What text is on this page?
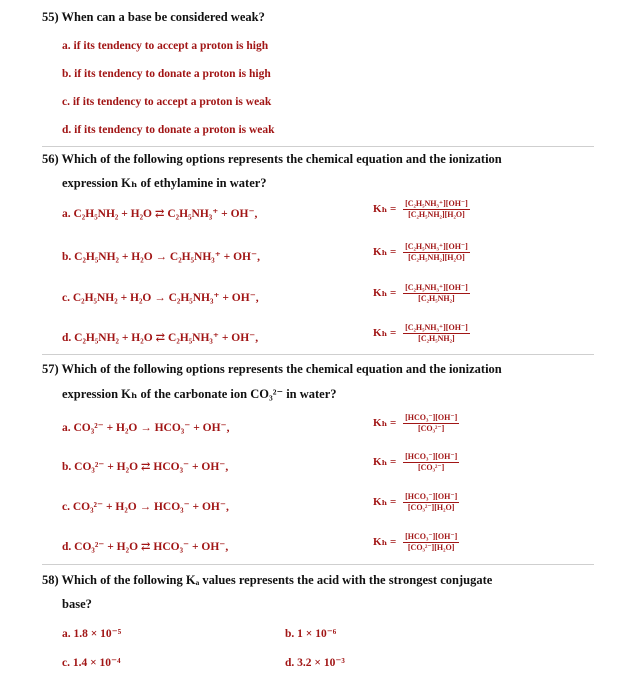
55) When can a base be considered weak?
a. if its tendency to accept a proton is high
b. if its tendency to donate a proton is high
c. if its tendency to accept a proton is weak
d. if its tendency to donate a proton is weak
56) Which of the following options represents the chemical equation and the ionization
expression Kₕ of ethylamine in water?
a. C₂H₅NH₂ + H₂O ⇄ C₂H₅NH₃⁺ + OH⁻,	$K_h = \frac{\text{[C₂H₅NH₃⁺][OH⁻]}}{\text{[C₂H₅NH₂][H₂O]}}$
b. C₂H₅NH₂ + H₂O → C₂H₅NH₃⁺ + OH⁻,	$K_h = \frac{\text{[C₂H₅NH₃⁺][OH⁻]}}{\text{[C₂H₅NH₂][H₂O]}}$
c. C₂H₅NH₂ + H₂O → C₂H₅NH₃⁺ + OH⁻,	$K_h = \frac{\text{[C₂H₅NH₃⁺][OH⁻]}}{\text{[C₂H₅NH₂]}}$
d. C₂H₅NH₂ + H₂O ⇄ C₂H₅NH₃⁺ + OH⁻,	$K_h = \frac{\text{[C₂H₅NH₃⁺][OH⁻]}}{\text{[C₂H₅NH₂]}}$
57) Which of the following options represents the chemical equation and the ionization
expression Kₕ of the carbonate ion CO₃²⁻ in water?
a. CO₃²⁻ + H₂O → HCO₃⁻ + OH⁻,	$K_h = \frac{\text{[HCO₃⁻][OH⁻]}}{\text{[CO₃²⁻]}}$
b. CO₃²⁻ + H₂O ⇄ HCO₃⁻ + OH⁻,	$K_h = \frac{\text{[HCO₃⁻][OH⁻]}}{\text{[CO₃²⁻]}}$
c. CO₃²⁻ + H₂O → HCO₃⁻ + OH⁻,	$K_h = \frac{\text{[HCO₃⁻][OH⁻]}}{\text{[CO₃²⁻][H₂O]}}$
d. CO₃²⁻ + H₂O ⇄ HCO₃⁻ + OH⁻,	$K_h = \frac{\text{[HCO₃⁻][OH⁻]}}{\text{[CO₃²⁻][H₂O]}}$
58) Which of the following Kₐ values represents the acid with the strongest conjugate
base?
a. 1.8 × 10⁻⁵	b. 1 × 10⁻⁶
c. 1.4 × 10⁻⁴	d. 3.2 × 10⁻³
